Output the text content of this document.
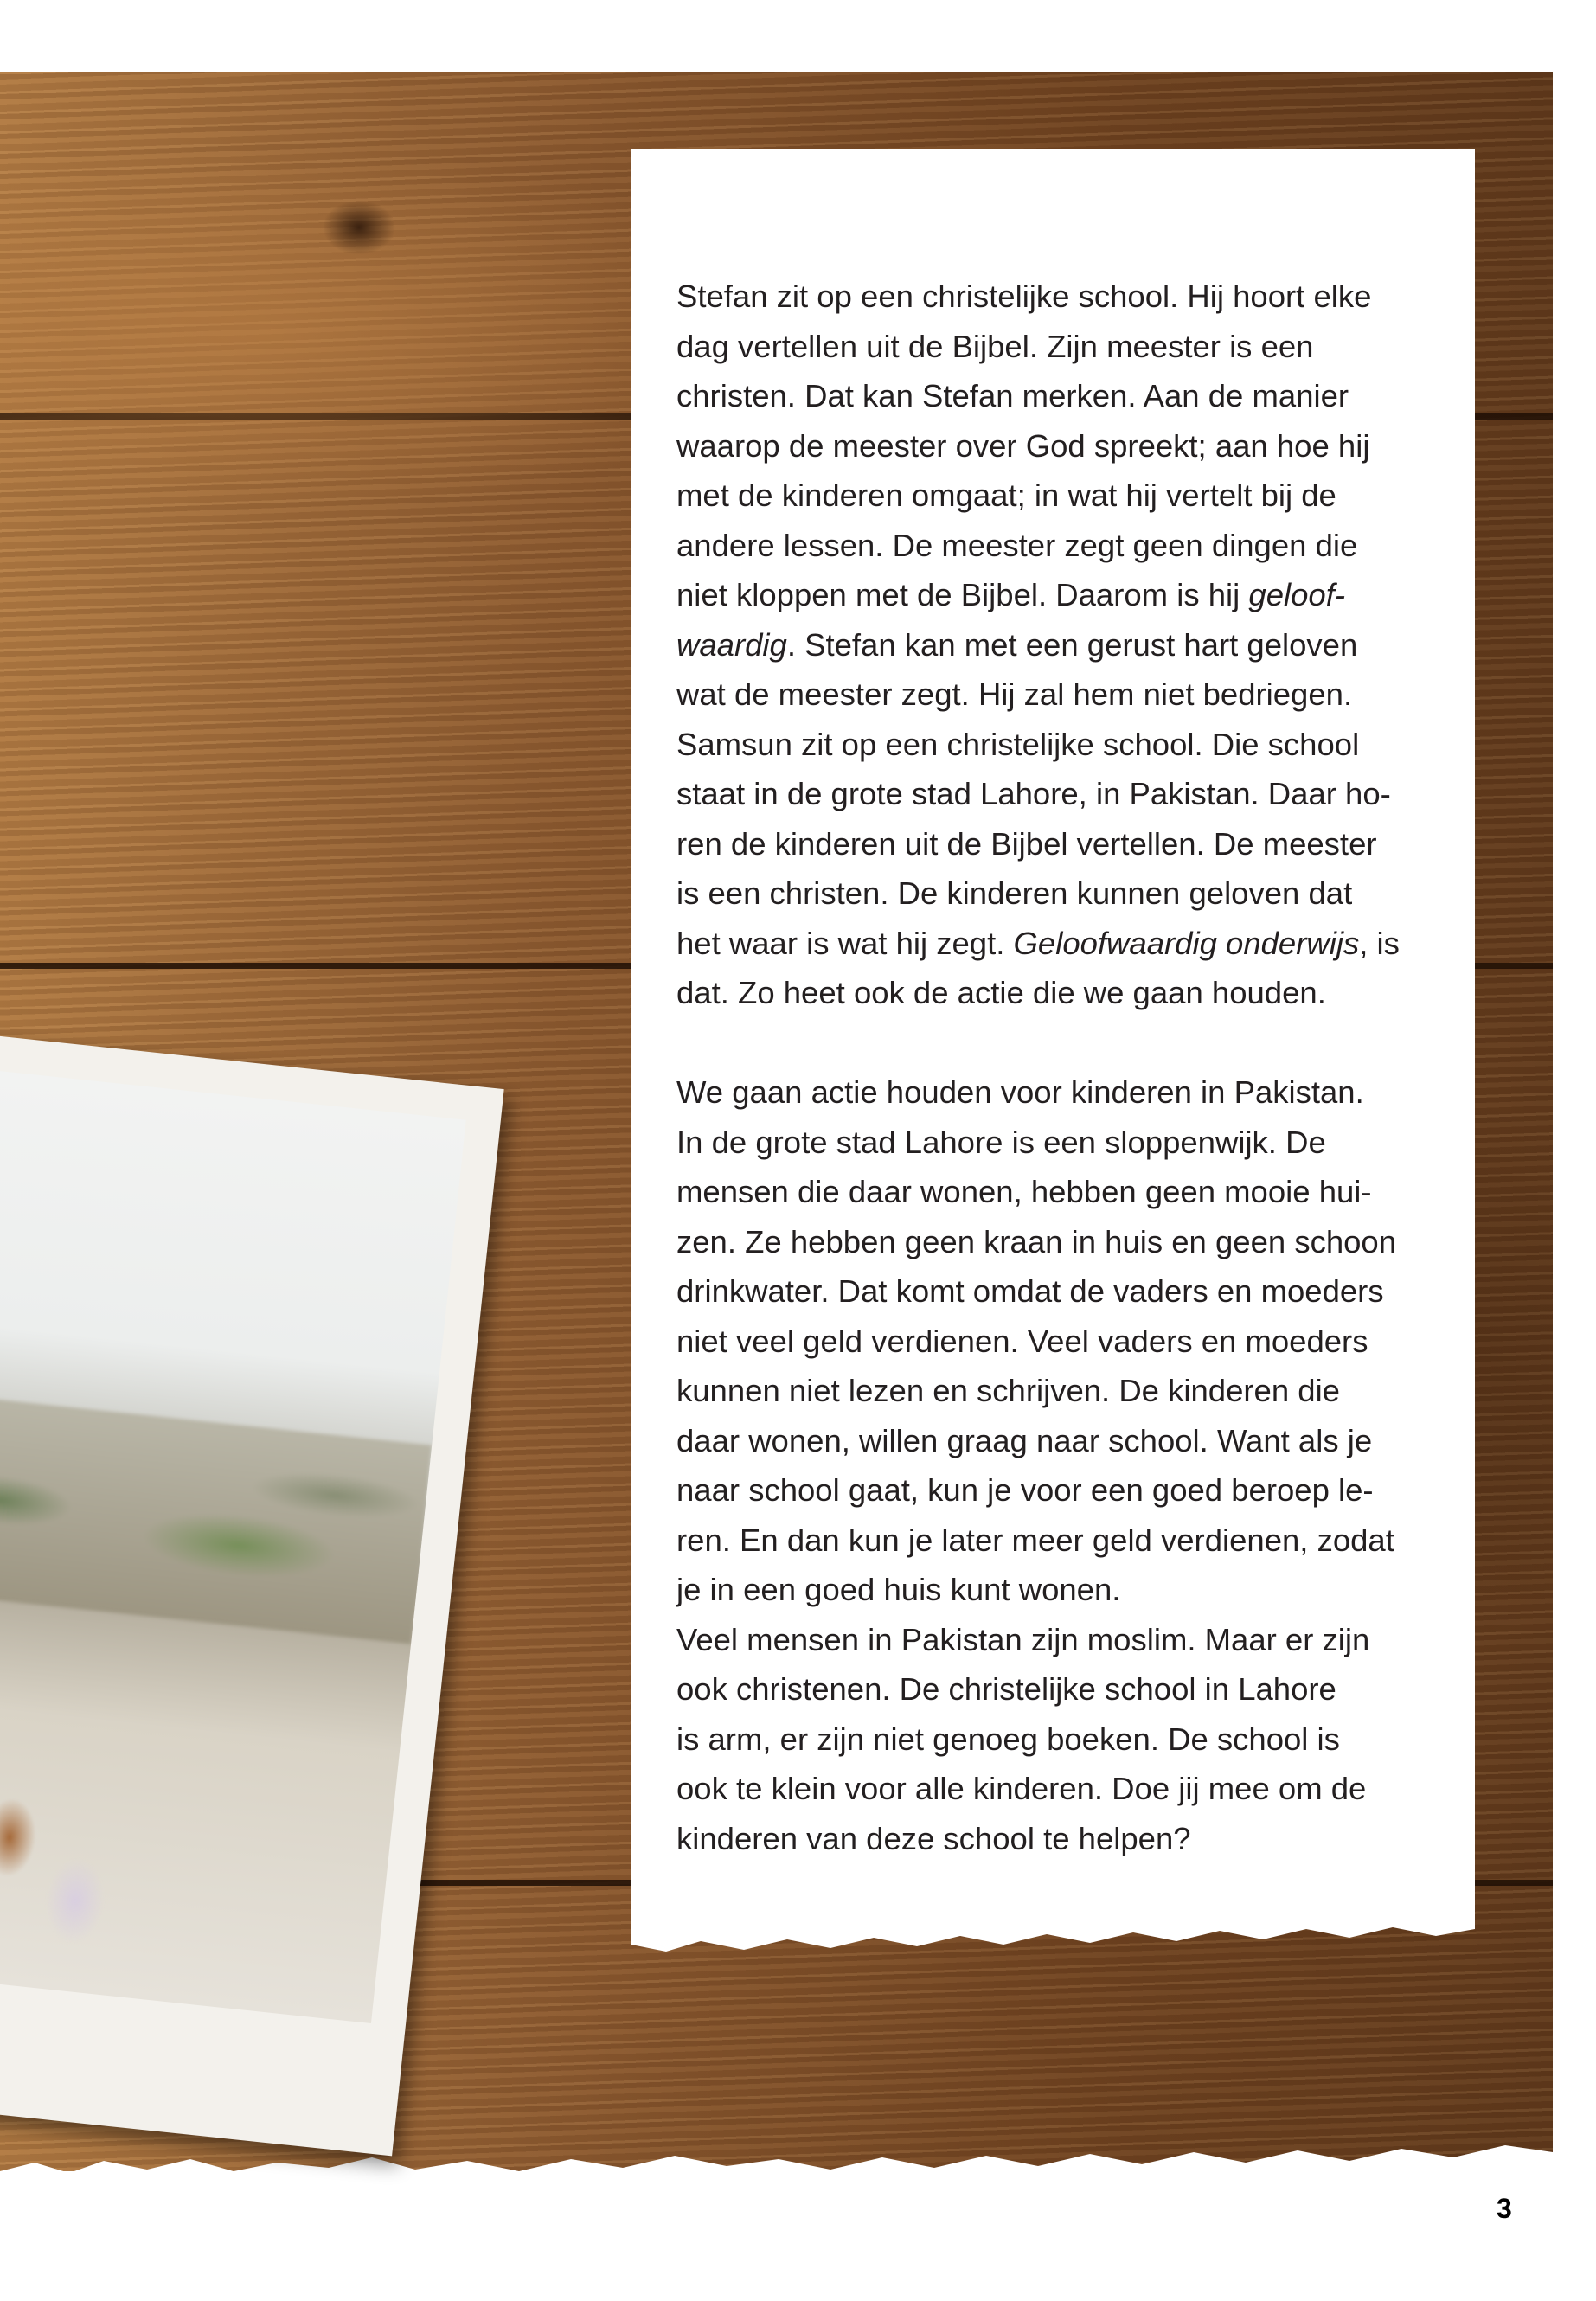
Stefan zit op een christelijke school. Hij hoort elke

dag vertellen uit de Bijbel. Zijn meester is een

christen. Dat kan Stefan merken. Aan de manier

waarop de meester over God spreekt; aan hoe hij

met de kinderen omgaat; in wat hij vertelt bij de

andere lessen. De meester zegt geen dingen die

niet kloppen met de Bijbel. Daarom is hij geloof-

waardig. Stefan kan met een gerust hart geloven

wat de meester zegt. Hij zal hem niet bedriegen.

Samsun zit op een christelijke school. Die school

staat in de grote stad Lahore, in Pakistan. Daar ho-

ren de kinderen uit de Bijbel vertellen. De meester

is een christen. De kinderen kunnen geloven dat

het waar is wat hij zegt. Geloofwaardig onderwijs, is

dat. Zo heet ook de actie die we gaan houden.

We gaan actie houden voor kinderen in Pakistan.

In de grote stad Lahore is een sloppenwijk. De

mensen die daar wonen, hebben geen mooie hui-

zen. Ze hebben geen kraan in huis en geen schoon

drinkwater. Dat komt omdat de vaders en moeders

niet veel geld verdienen. Veel vaders en moeders

kunnen niet lezen en schrijven. De kinderen die

daar wonen, willen graag naar school. Want als je

naar school gaat, kun je voor een goed beroep le-

ren. En dan kun je later meer geld verdienen, zodat

je in een goed huis kunt wonen.

Veel mensen in Pakistan zijn moslim. Maar er zijn

ook christenen. De christelijke school in Lahore

is arm, er zijn niet genoeg boeken. De school is

ook te klein voor alle kinderen. Doe jij mee om de

kinderen van deze school te helpen?

3
